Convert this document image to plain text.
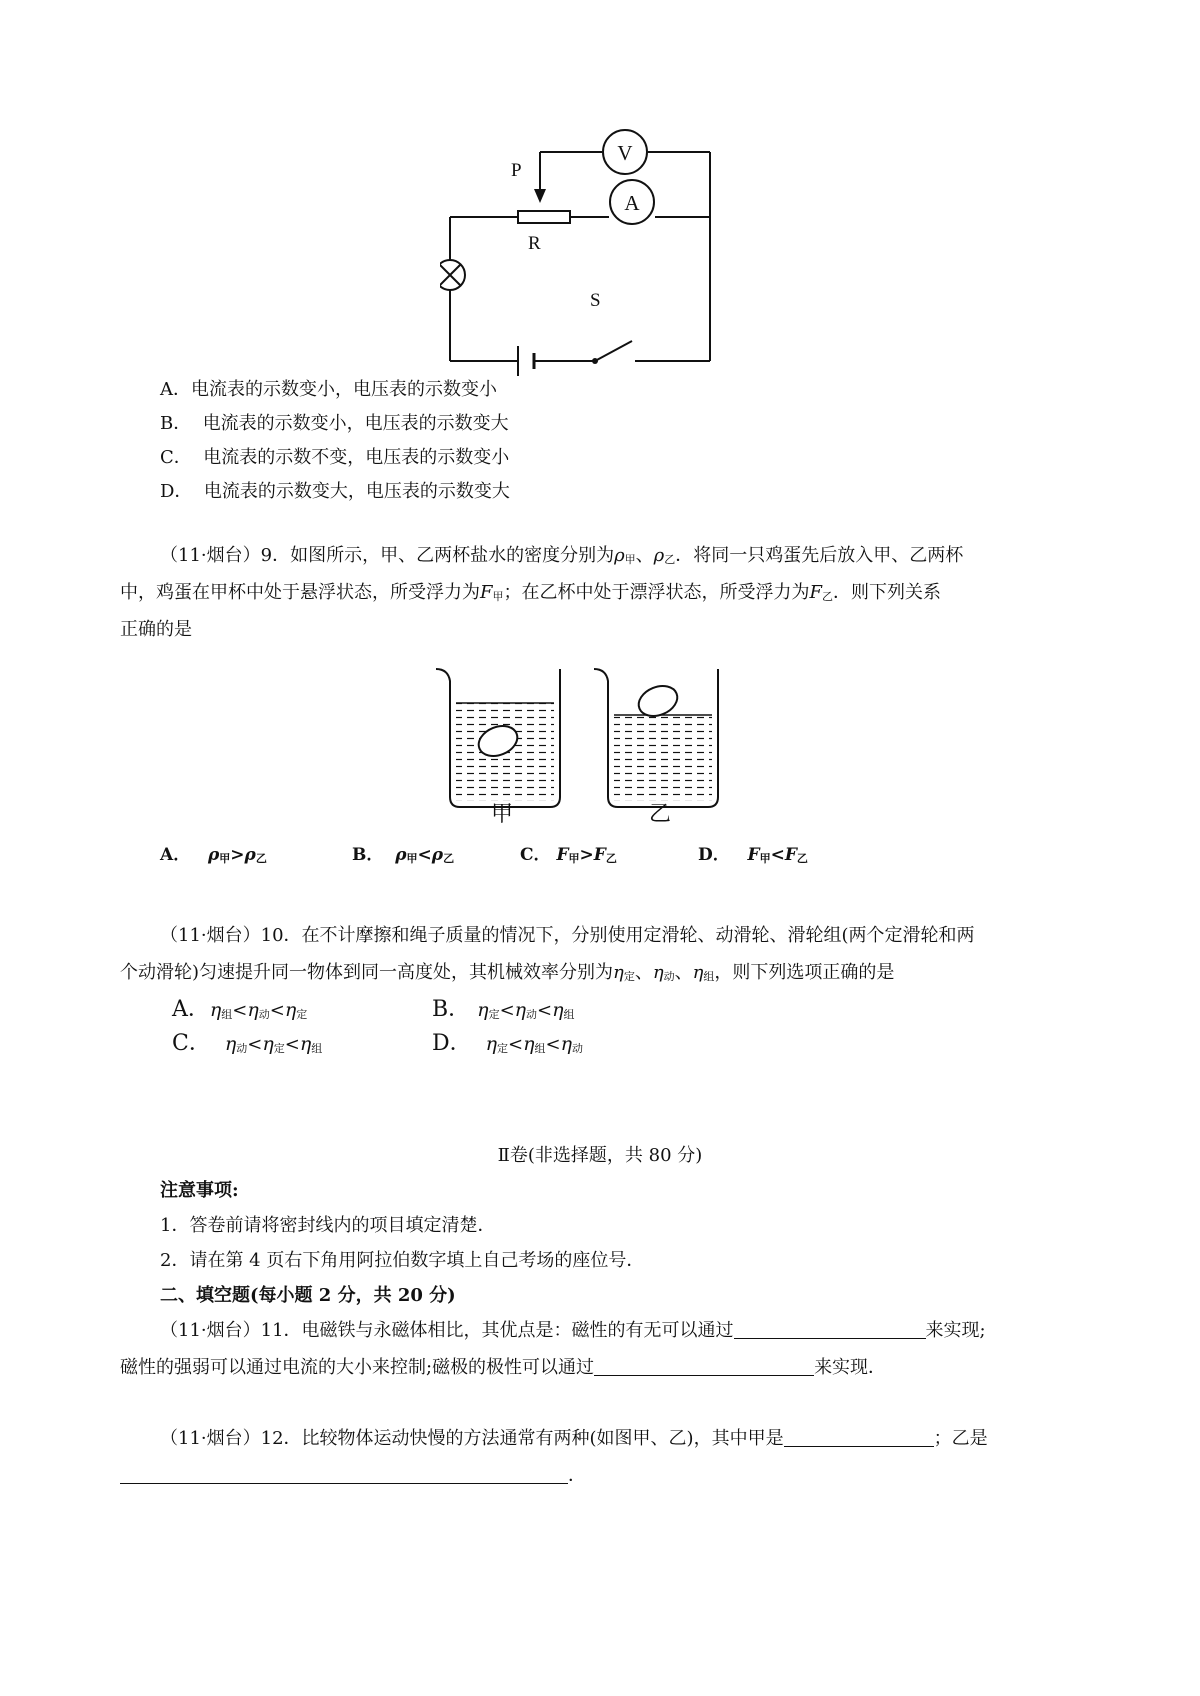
V
A
P
R
S
A．电流表的示数变小，电压表的示数变小
B． 电流表的示数变小，电压表的示数变大
C． 电流表的示数不变，电压表的示数变小
D． 电流表的示数变大，电压表的示数变大
（11·烟台）9．如图所示，甲、乙两杯盐水的密度分别为ρ甲、ρ乙．将同一只鸡蛋先后放入甲、乙两杯
中，鸡蛋在甲杯中处于悬浮状态，所受浮力为F甲；在乙杯中处于漂浮状态，所受浮力为F乙．则下列关系
正确的是
甲	乙
A． ρ甲>ρ乙	B． ρ甲<ρ乙	C． F甲>F乙	D． F甲<F乙
（11·烟台）10．在不计摩擦和绳子质量的情况下，分别使用定滑轮、动滑轮、滑轮组(两个定滑轮和两
个动滑轮)匀速提升同一物体到同一高度处，其机械效率分别为η定、η动、η组，则下列选项正确的是
A．η组<η动<η定	B． η定<η动<η组
C． η动<η定<η组	D． η定<η组<η动
Ⅱ卷(非选择题，共 80 分)
注意事项:
1．答卷前请将密封线内的项目填定清楚．
2．请在第 4 页右下角用阿拉伯数字填上自己考场的座位号．
二、填空题(每小题 2 分，共 20 分)
（11·烟台）11．电磁铁与永磁体相比，其优点是：磁性的有无可以通过	来实现;
磁性的强弱可以通过电流的大小来控制;磁极的极性可以通过	来实现．
（11·烟台）12．比较物体运动快慢的方法通常有两种(如图甲、乙)，其中甲是	；乙是
．
